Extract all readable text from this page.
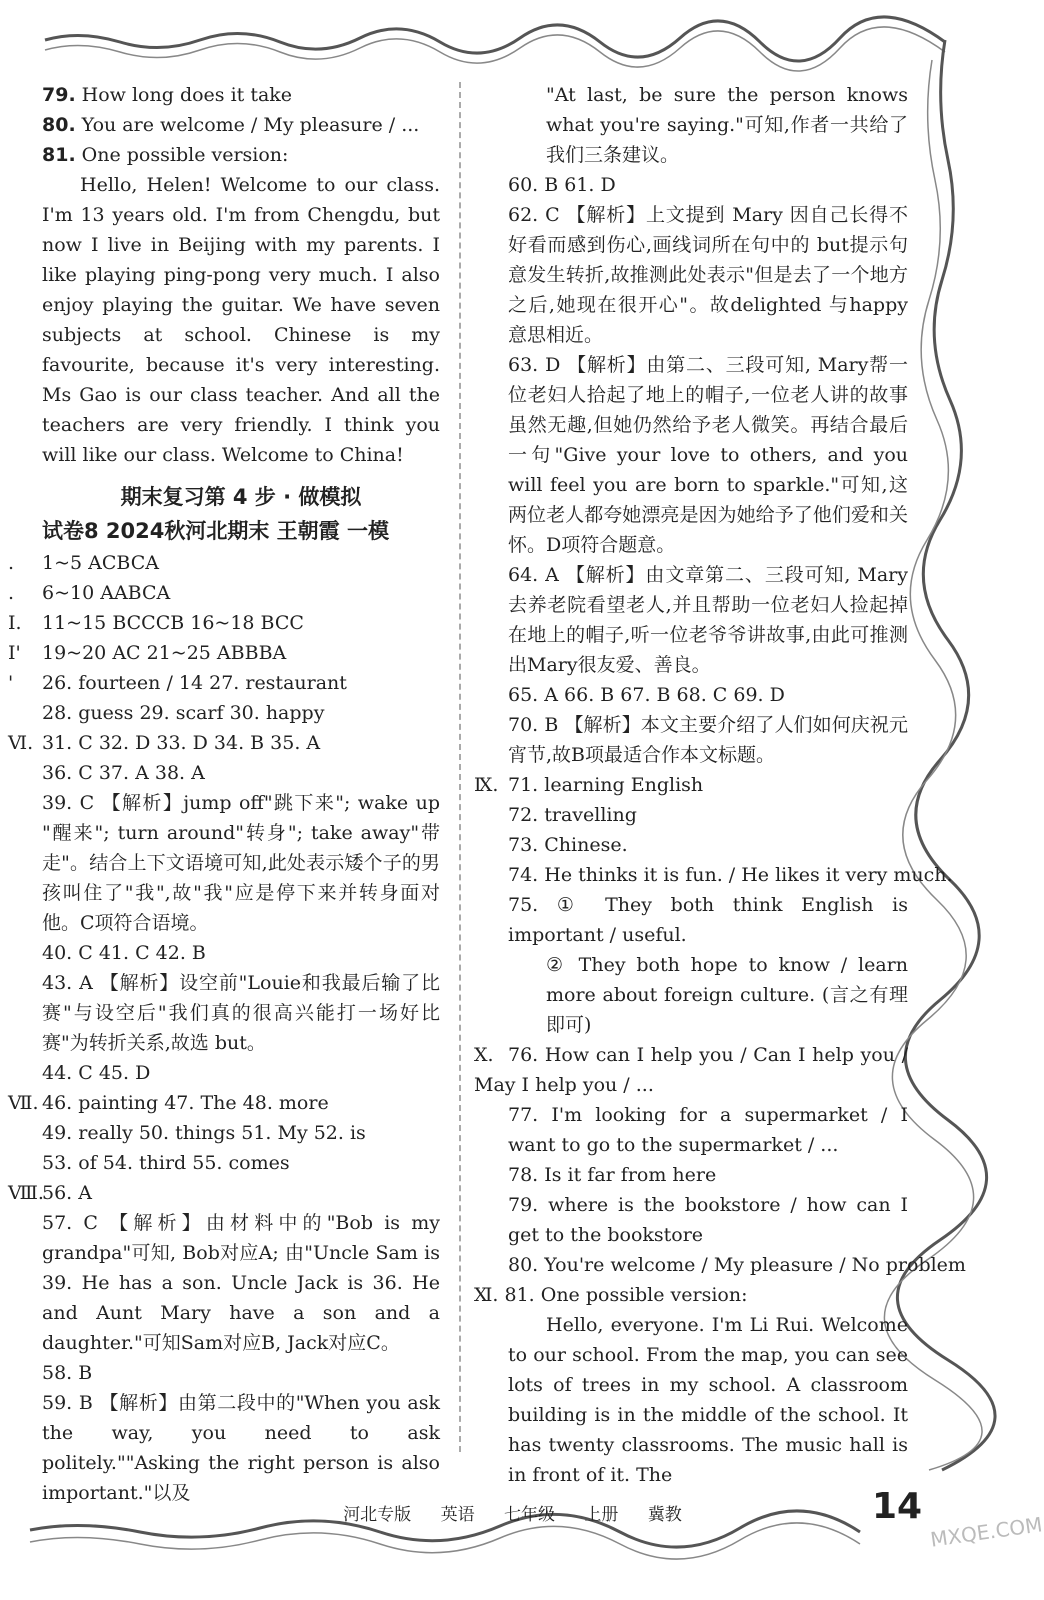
79. How long does it take
80. You are welcome / My pleasure / ...
81. One possible version:
Hello, Helen! Welcome to our class. I'm 13 years old. I'm from Chengdu, but now I live in Beijing with my parents. I like playing ping-pong very much. I also enjoy playing the guitar. We have seven subjects at school. Chinese is my favourite, because it's very interesting. Ms Gao is our class teacher. And all the teachers are very friendly. I think you will like our class. Welcome to China!
期末复习第 4 步 · 做模拟
试卷8 2024秋河北期末 王朝霞 一模
. 1~5 ACBCA
. 6~10 AABCA
I. 11~15 BCCCB 16~18 BCC
I' 19~20 AC 21~25 ABBBA
' 26. fourteen / 14 27. restaurant
28. guess 29. scarf 30. happy
Ⅵ. 31. C 32. D 33. D 34. B 35. A
36. C 37. A 38. A
39. C 【解析】jump off"跳下来"; wake up "醒来"; turn around"转身"; take away"带走"。结合上下文语境可知,此处表示矮个子的男孩叫住了"我",故"我"应是停下来并转身面对他。C项符合语境。
40. C 41. C 42. B
43. A 【解析】设空前"Louie和我最后输了比赛"与设空后"我们真的很高兴能打一场好比赛"为转折关系,故选 but。
44. C 45. D
Ⅶ. 46. painting 47. The 48. more
49. really 50. things 51. My 52. is
53. of 54. third 55. comes
Ⅷ.56. A
57. C 【解析】由材料中的"Bob is my grandpa"可知, Bob对应A; 由"Uncle Sam is 39. He has a son. Uncle Jack is 36. He and Aunt Mary have a son and a daughter."可知Sam对应B, Jack对应C。
58. B
59. B 【解析】由第二段中的"When you ask the way, you need to ask politely.""Asking the right person is also important."以及
"At last, be sure the person knows what you're saying."可知,作者一共给了我们三条建议。
60. B 61. D
62. C 【解析】上文提到 Mary 因自己长得不好看而感到伤心,画线词所在句中的 but提示句意发生转折,故推测此处表示"但是去了一个地方之后,她现在很开心"。故delighted 与happy 意思相近。
63. D 【解析】由第二、三段可知, Mary帮一位老妇人拾起了地上的帽子,一位老人讲的故事虽然无趣,但她仍然给予老人微笑。再结合最后一句"Give your love to others, and you will feel you are born to sparkle."可知,这两位老人都夸她漂亮是因为她给予了他们爱和关怀。D项符合题意。
64. A 【解析】由文章第二、三段可知, Mary去养老院看望老人,并且帮助一位老妇人捡起掉在地上的帽子,听一位老爷爷讲故事,由此可推测出Mary很友爱、善良。
65. A 66. B 67. B 68. C 69. D
70. B 【解析】本文主要介绍了人们如何庆祝元宵节,故B项最适合作本文标题。
Ⅸ. 71. learning English
72. travelling
73. Chinese.
74. He thinks it is fun. / He likes it very much.
75. ① They both think English is important / useful.
② They both hope to know / learn more about foreign culture. (言之有理即可)
Ⅹ. 76. How can I help you / Can I help you / May I help you / ...
77. I'm looking for a supermarket / I want to go to the supermarket / ...
78. Is it far from here
79. where is the bookstore / how can I get to the bookstore
80. You're welcome / My pleasure / No problem
Ⅺ. 81. One possible version:
Hello, everyone. I'm Li Rui. Welcome to our school. From the map, you can see lots of trees in my school. A classroom building is in the middle of the school. It has twenty classrooms. The music hall is in front of it. The
河北专版 英语 七年级 上册 冀教	14
MXQE.COM
